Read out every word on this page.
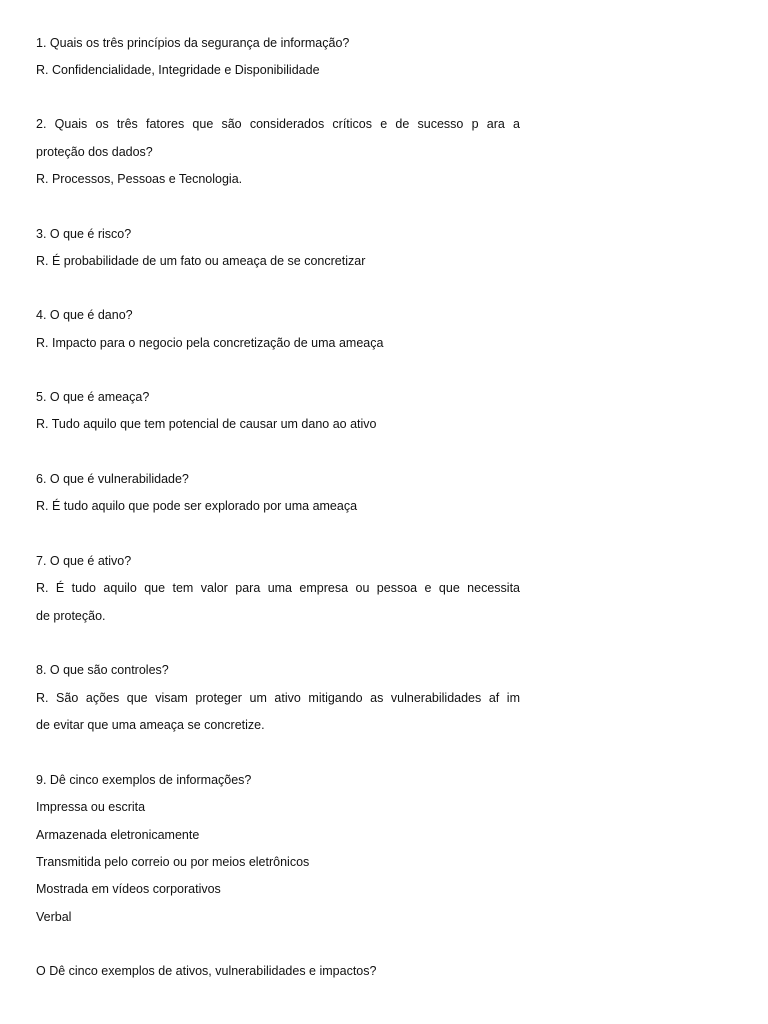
1. Quais os três princípios da segurança de informação?
R. Confidencialidade, Integridade e Disponibilidade
2. Quais os três fatores que são considerados críticos e de sucesso p ara a
proteção dos dados?
R. Processos, Pessoas e Tecnologia.
3. O que é risco?
R. É probabilidade de um fato ou ameaça de se concretizar
4. O que é dano?
R. Impacto para o negocio pela concretização de uma ameaça
5. O que é ameaça?
R. Tudo aquilo que tem potencial de causar um dano ao ativo
6. O que é vulnerabilidade?
R. É tudo aquilo que pode ser explorado por uma ameaça
7. O que é ativo?
R. É tudo aquilo que tem valor para uma empresa ou pessoa e que necessita
de proteção.
8. O que são controles?
R. São ações que visam proteger um ativo mitigando as vulnerabilidades af im
de evitar que uma ameaça se concretize.
9. Dê cinco exemplos de informações?
Impressa ou escrita
Armazenada eletronicamente
Transmitida pelo correio ou por meios eletrônicos
Mostrada em vídeos corporativos
Verbal
O Dê cinco exemplos de ativos, vulnerabilidades e impactos?
